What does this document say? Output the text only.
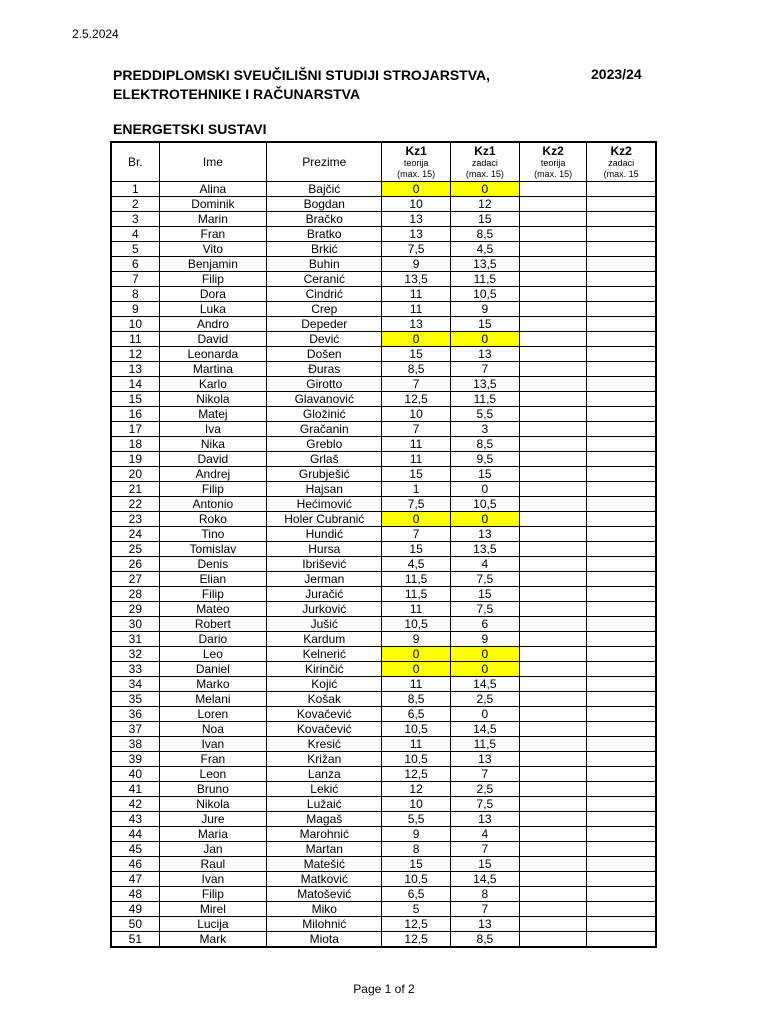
2.5.2024
PREDDIPLOMSKI SVEUČILIŠNI STUDIJI STROJARSTVA, ELEKTROTEHNIKE I RAČUNARSTVA
2023/24
ENERGETSKI SUSTAVI
Br.	Ime	Prezime	Kz1
teorija
(max. 15)	Kz1
zadaci
(max. 15)	Kz2
teorija
(max. 15)	Kz2
zadaci
(max. 15

1	Alina	Bajčić	0	0		
2	Dominik	Bogdan	10	12		
3	Marin	Bračko	13	15		
4	Fran	Bratko	13	8,5		
5	Vito	Brkić	7,5	4,5		
6	Benjamin	Buhin	9	13,5		
7	Filip	Ceranić	13,5	11,5		
8	Dora	Cindrić	11	10,5		
9	Luka	Crep	11	9		
10	Andro	Depeder	13	15		
11	David	Dević	0	0		
12	Leonarda	Došen	15	13		
13	Martina	Đuras	8,5	7		
14	Karlo	Girotto	7	13,5		
15	Nikola	Glavanović	12,5	11,5		
16	Matej	Gložinić	10	5,5		
17	Iva	Gračanin	7	3		
18	Nika	Greblo	11	8,5		
19	David	Grlaš	11	9,5		
20	Andrej	Grubješić	15	15		
21	Filip	Hajsan	1	0		
22	Antonio	Hećimović	7,5	10,5		
23	Roko	Holer Cubranić	0	0		
24	Tino	Hundić	7	13		
25	Tomislav	Hursa	15	13,5		
26	Denis	Ibrišević	4,5	4		
27	Elian	Jerman	11,5	7,5		
28	Filip	Juračić	11,5	15		
29	Mateo	Jurković	11	7,5		
30	Robert	Jušić	10,5	6		
31	Dario	Kardum	9	9		
32	Leo	Kelnerić	0	0		
33	Daniel	Kirinčić	0	0		
34	Marko	Kojić	11	14,5		
35	Melani	Košak	8,5	2,5		
36	Loren	Kovačević	6,5	0		
37	Noa	Kovačević	10,5	14,5		
38	Ivan	Kresić	11	11,5		
39	Fran	Križan	10,5	13		
40	Leon	Lanza	12,5	7		
41	Bruno	Lekić	12	2,5		
42	Nikola	Lužaić	10	7,5		
43	Jure	Magaš	5,5	13		
44	Maria	Marohnić	9	4		
45	Jan	Martan	8	7		
46	Raul	Matešić	15	15		
47	Ivan	Matković	10,5	14,5		
48	Filip	Matošević	6,5	8		
49	Mirel	Miko	5	7		
50	Lucija	Milohnić	12,5	13		
51	Mark	Miota	12,5	8,5		
Page 1 of 2
